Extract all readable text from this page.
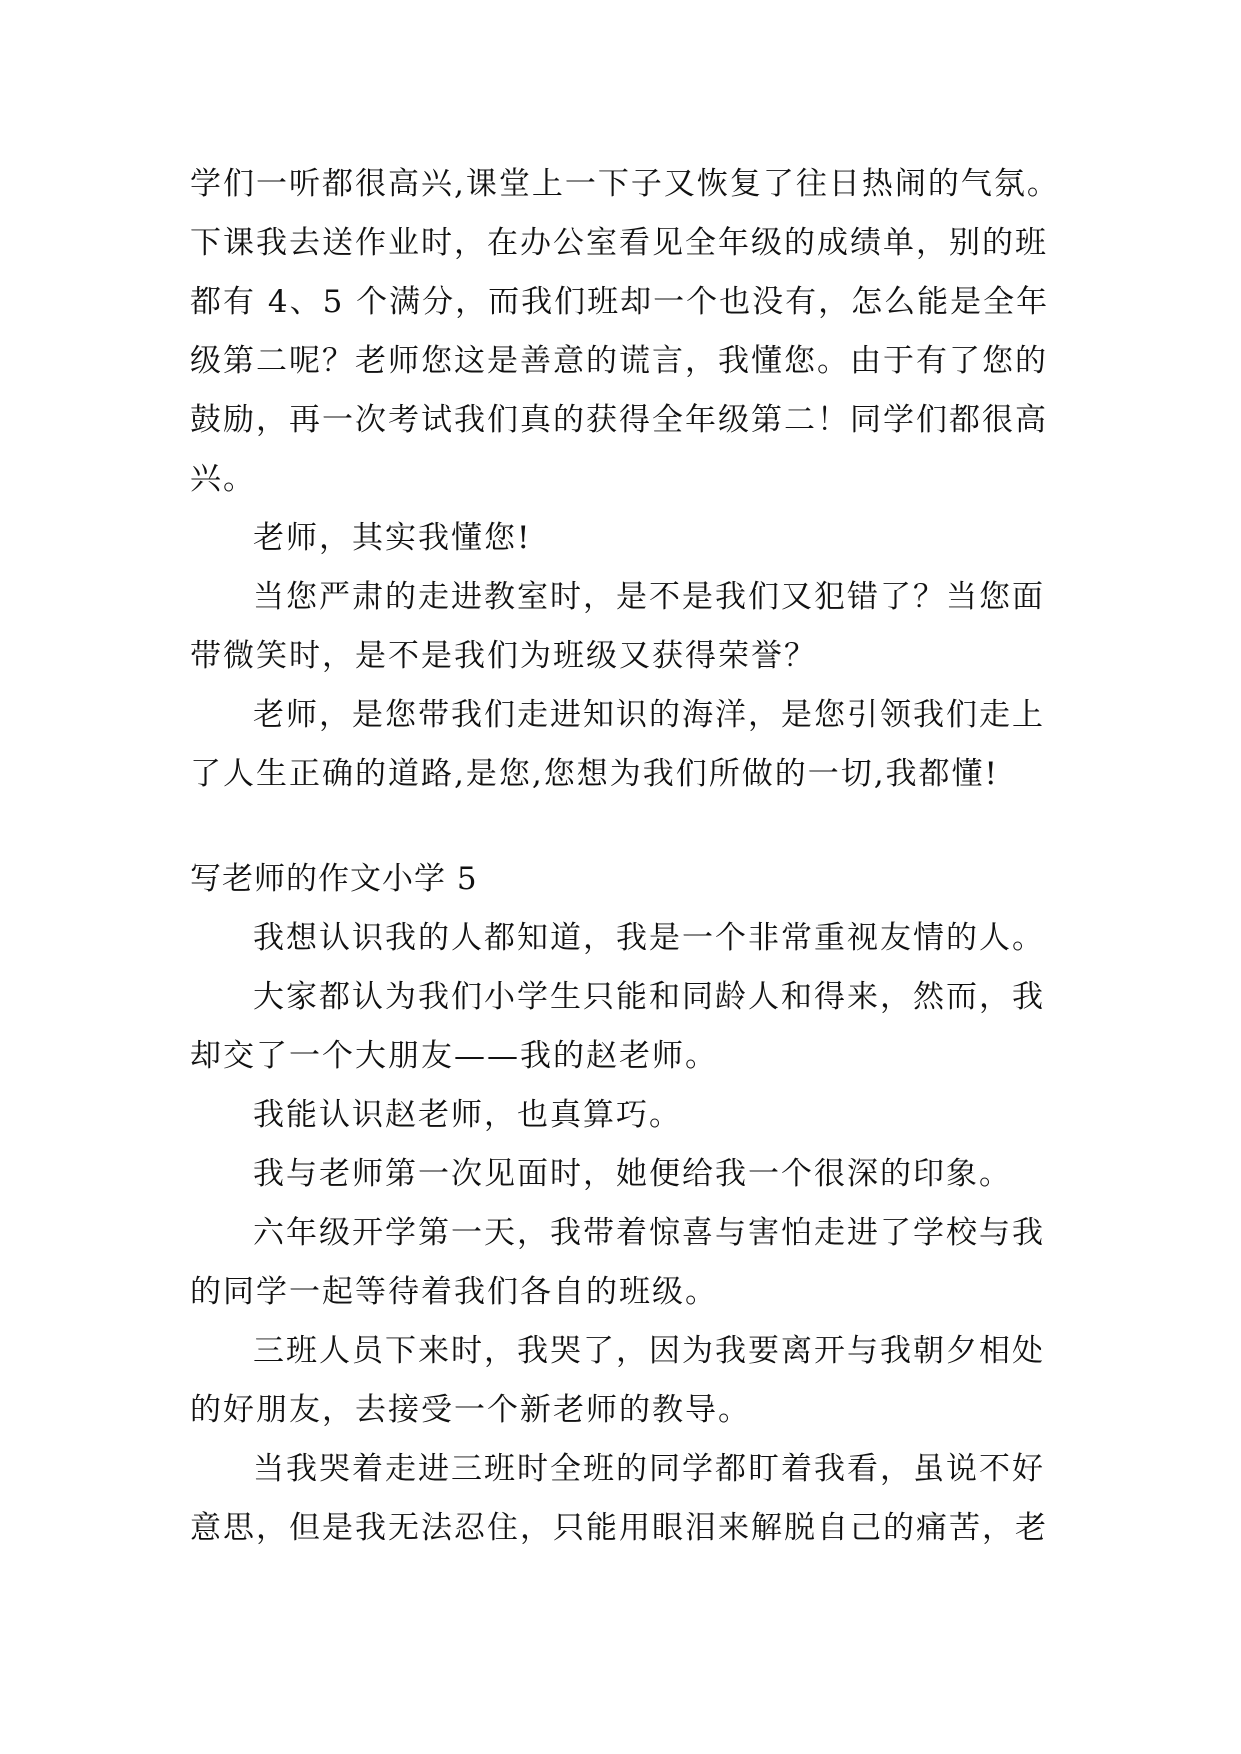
学们一听都很高兴,课堂上一下子又恢复了往日热闹的气氛。
下课我去送作业时，在办公室看见全年级的成绩单，别的班
都有 4、5 个满分，而我们班却一个也没有，怎么能是全年
级第二呢？老师您这是善意的谎言，我懂您。由于有了您的
鼓励，再一次考试我们真的获得全年级第二！同学们都很高
兴。
老师，其实我懂您!
当您严肃的走进教室时，是不是我们又犯错了？当您面
带微笑时，是不是我们为班级又获得荣誉？
老师，是您带我们走进知识的海洋，是您引领我们走上
了人生正确的道路,是您,您想为我们所做的一切,我都懂!
写老师的作文小学 5
我想认识我的人都知道，我是一个非常重视友情的人。
大家都认为我们小学生只能和同龄人和得来，然而，我
却交了一个大朋友——我的赵老师。
我能认识赵老师，也真算巧。
我与老师第一次见面时，她便给我一个很深的印象。
六年级开学第一天，我带着惊喜与害怕走进了学校与我
的同学一起等待着我们各自的班级。
三班人员下来时，我哭了，因为我要离开与我朝夕相处
的好朋友，去接受一个新老师的教导。
当我哭着走进三班时全班的同学都盯着我看，虽说不好
意思，但是我无法忍住，只能用眼泪来解脱自己的痛苦，老
